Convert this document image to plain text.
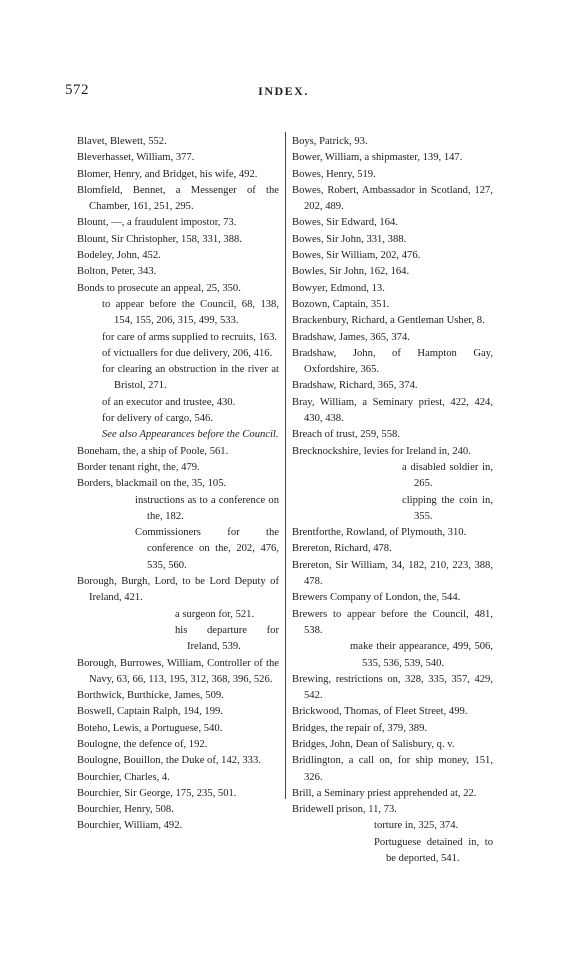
572	INDEX.
Blavet, Blewett, 552.
Bleverhasset, William, 377.
Blomer, Henry, and Bridget, his wife, 492.
Blomfield, Bennet, a Messenger of the Chamber, 161, 251, 295.
Blount, —, a fraudulent impostor, 73.
Blount, Sir Christopher, 158, 331, 388.
Bodeley, John, 452.
Bolton, Peter, 343.
Bonds to prosecute an appeal, 25, 350.
to appear before the Council, 68, 138, 154, 155, 206, 315, 499, 533.
for care of arms supplied to recruits, 163.
of victuallers for due delivery, 206, 416.
for clearing an obstruction in the river at Bristol, 271.
of an executor and trustee, 430.
for delivery of cargo, 546.
See also Appearances before the Council.
Boneham, the, a ship of Poole, 561.
Border tenant right, the, 479.
Borders, blackmail on the, 35, 105.
instructions as to a conference on the, 182.
Commissioners for the conference on the, 202, 476, 535, 560.
Borough, Burgh, Lord, to be Lord Deputy of Ireland, 421.
a surgeon for, 521.
his departure for Ireland, 539.
Borough, Burrowes, William, Controller of the Navy, 63, 66, 113, 195, 312, 368, 396, 526.
Borthwick, Burthicke, James, 509.
Boswell, Captain Ralph, 194, 199.
Boteho, Lewis, a Portuguese, 540.
Boulogne, the defence of, 192.
Boulogne, Bouillon, the Duke of, 142, 333.
Bourchier, Charles, 4.
Bourchier, Sir George, 175, 235, 501.
Bourchier, Henry, 508.
Bourchier, William, 492.
Boys, Patrick, 93.
Bower, William, a shipmaster, 139, 147.
Bowes, Henry, 519.
Bowes, Robert, Ambassador in Scotland, 127, 202, 489.
Bowes, Sir Edward, 164.
Bowes, Sir John, 331, 388.
Bowes, Sir William, 202, 476.
Bowles, Sir John, 162, 164.
Bowyer, Edmond, 13.
Bozown, Captain, 351.
Brackenbury, Richard, a Gentleman Usher, 8.
Bradshaw, James, 365, 374.
Bradshaw, John, of Hampton Gay, Oxfordshire, 365.
Bradshaw, Richard, 365, 374.
Bray, William, a Seminary priest, 422, 424, 430, 438.
Breach of trust, 259, 558.
Brecknockshire, levies for Ireland in, 240.
a disabled soldier in, 265.
clipping the coin in, 355.
Brentforthe, Rowland, of Plymouth, 310.
Brereton, Richard, 478.
Brereton, Sir William, 34, 182, 210, 223, 388, 478.
Brewers Company of London, the, 544.
Brewers to appear before the Council, 481, 538.
make their appearance, 499, 506, 535, 536, 539, 540.
Brewing, restrictions on, 328, 335, 357, 429, 542.
Brickwood, Thomas, of Fleet Street, 499.
Bridges, the repair of, 379, 389.
Bridges, John, Dean of Salisbury, q. v.
Bridlington, a call on, for ship money, 151, 326.
Brill, a Seminary priest apprehended at, 22.
Bridewell prison, 11, 73.
torture in, 325, 374.
Portuguese detained in, to be deported, 541.
